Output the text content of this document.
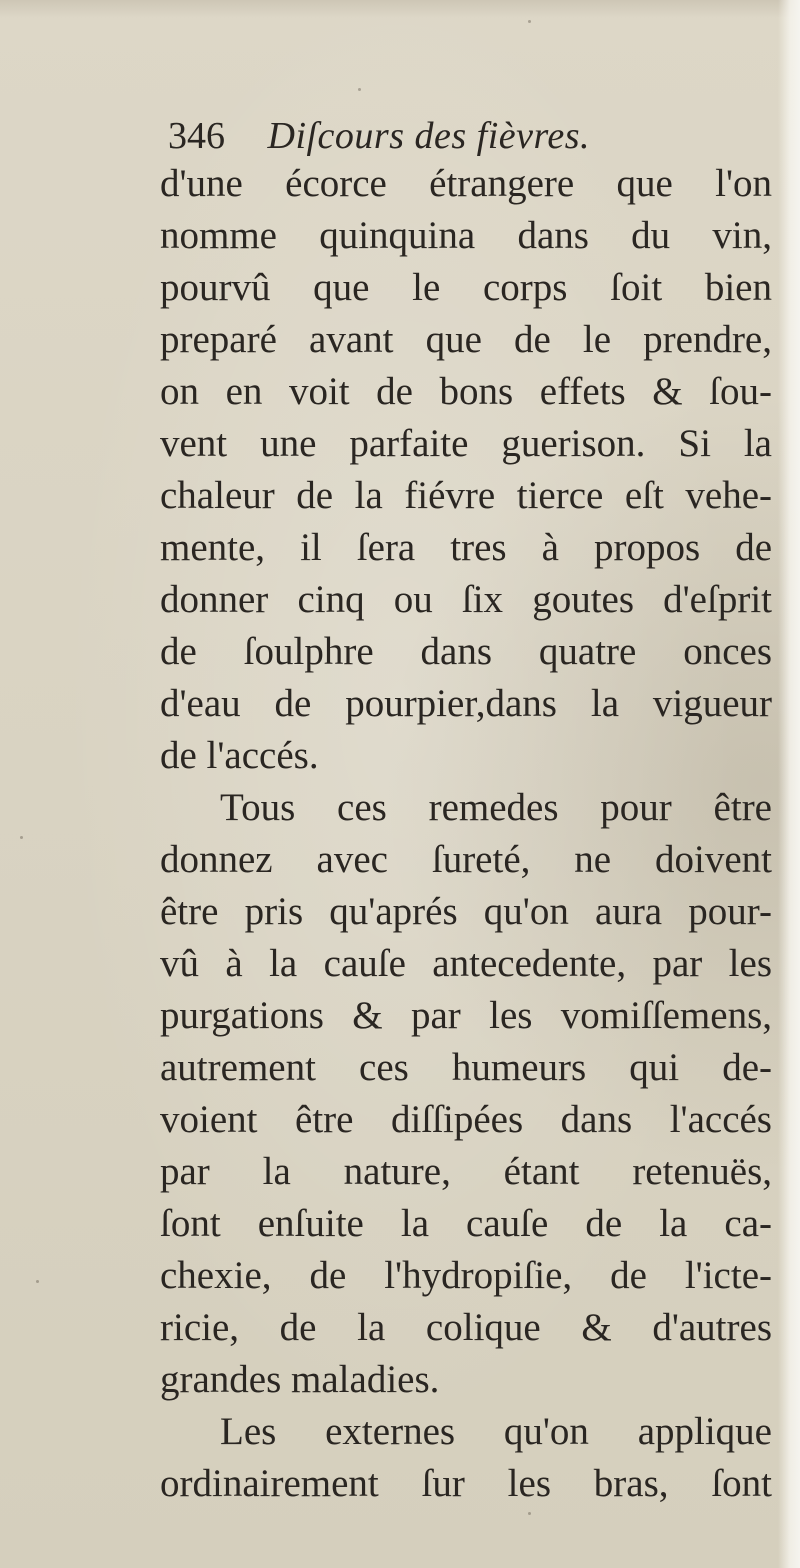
346 Diſcours des fièvres.
d'une écorce étrangere que l'on
nomme quinquina dans du vin,
pourvû que le corps ſoit bien
preparé avant que de le prendre,
on en voit de bons effets & ſou-
vent une parfaite guerison. Si la
chaleur de la fiévre tierce eſt vehe-
mente, il ſera tres à propos de
donner cinq ou ſix goutes d'eſprit
de ſoulphre dans quatre onces
d'eau de pourpier,dans la vigueur
de l'accés.
Tous ces remedes pour être
donnez avec ſureté, ne doivent
être pris qu'aprés qu'on aura pour-
vû à la cauſe antecedente, par les
purgations & par les vomiſſemens,
autrement ces humeurs qui de-
voient être diſſipées dans l'accés
par la nature, étant retenuës,
ſont enſuite la cauſe de la ca-
chexie, de l'hydropiſie, de l'icte-
ricie, de la colique & d'autres
grandes maladies.
Les externes qu'on applique
ordinairement ſur les bras, ſont
